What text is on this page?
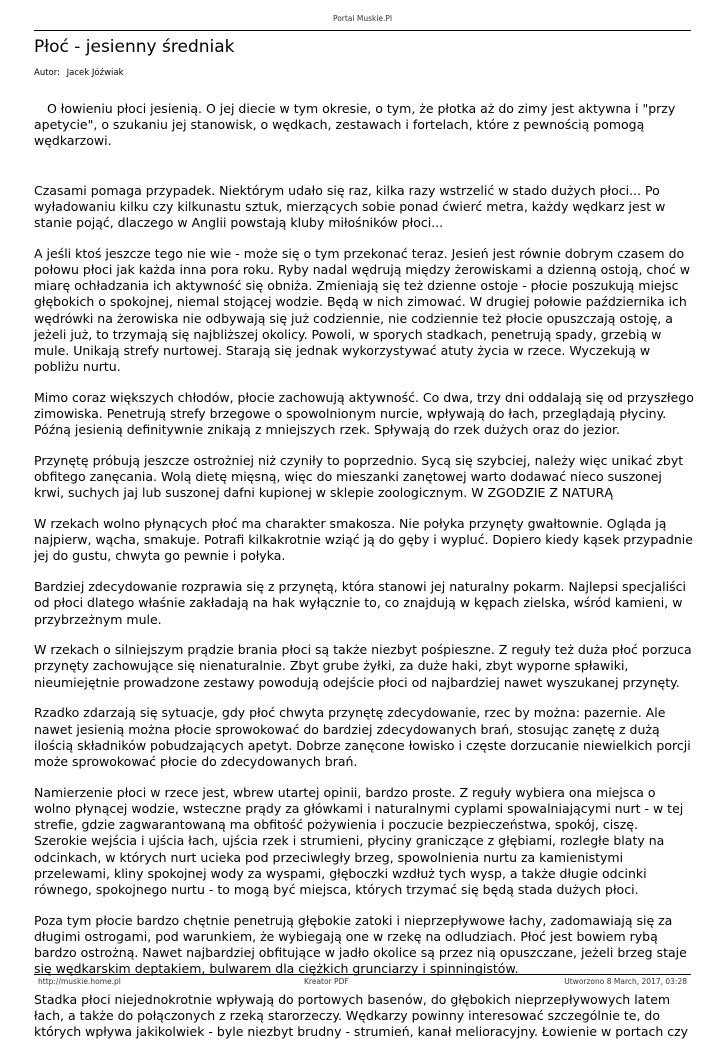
Portal Muskie.Pl
Płoć - jesienny średniak
Autor: Jacek Jóźwiak

O łowieniu płoci jesienią. O jej diecie w tym okresie, o tym, że płotka aż do zimy jest aktywna i "przy apetycie", o szukaniu jej stanowisk, o wędkach, zestawach i fortelach, które z pewnością pomogą wędkarzowi.

Czasami pomaga przypadek. Niektórym udało się raz, kilka razy wstrzelić w stado dużych płoci... Po wyładowaniu kilku czy kilkunastu sztuk, mierzących sobie ponad ćwierć metra, każdy wędkarz jest w stanie pojąć, dlaczego w Anglii powstają kluby miłośników płoci...

A jeśli ktoś jeszcze tego nie wie - może się o tym przekonać teraz. Jesień jest równie dobrym czasem do połowu płoci jak każda inna pora roku. Ryby nadal wędrują między żerowiskami a dzienną ostoją, choć w miarę ochładzania ich aktywność się obniża. Zmieniają się też dzienne ostoje - płocie poszukują miejsc głębokich o spokojnej, niemal stojącej wodzie. Będą w nich zimować. W drugiej połowie października ich wędrówki na żerowiska nie odbywają się już codziennie, nie codziennie też płocie opuszczają ostoję, a jeżeli już, to trzymają się najbliższej okolicy. Powoli, w sporych stadkach, penetrują spady, grzebią w mule. Unikają strefy nurtowej. Starają się jednak wykorzystywać atuty życia w rzece. Wyczekują w pobliżu nurtu.

Mimo coraz większych chłodów, płocie zachowują aktywność. Co dwa, trzy dni oddalają się od przyszłego zimowiska. Penetrują strefy brzegowe o spowolnionym nurcie, wpływają do łach, przeglądają płyciny. Późną jesienią definitywnie znikają z mniejszych rzek. Spływają do rzek dużych oraz do jezior.

Przynętę próbują jeszcze ostrożniej niż czyniły to poprzednio. Sycą się szybciej, należy więc unikać zbyt obfitego zanęcania. Wolą dietę mięsną, więc do mieszanki zanętowej warto dodawać nieco suszonej krwi, suchych jaj lub suszonej dafni kupionej w sklepie zoologicznym. W ZGODZIE Z NATURĄ

W rzekach wolno płynących płoć ma charakter smakosza. Nie połyka przynęty gwałtownie. Ogląda ją najpierw, wącha, smakuje. Potrafi kilkakrotnie wziąć ją do gęby i wypluć. Dopiero kiedy kąsek przypadnie jej do gustu, chwyta go pewnie i połyka.

Bardziej zdecydowanie rozprawia się z przynętą, która stanowi jej naturalny pokarm. Najlepsi specjaliści od płoci dlatego właśnie zakładają na hak wyłącznie to, co znajdują w kępach zielska, wśród kamieni, w przybrzeżnym mule.

W rzekach o silniejszym prądzie brania płoci są także niezbyt pośpieszne. Z reguły też duża płoć porzuca przynęty zachowujące się nienaturalnie. Zbyt grube żyłki, za duże haki, zbyt wyporne spławiki, nieumiejętnie prowadzone zestawy powodują odejście płoci od najbardziej nawet wyszukanej przynęty.

Rzadko zdarzają się sytuacje, gdy płoć chwyta przynętę zdecydowanie, rzec by można: pazernie. Ale nawet jesienią można płocie sprowokować do bardziej zdecydowanych brań, stosując zanętę z dużą ilością składników pobudzających apetyt. Dobrze zanęcone łowisko i częste dorzucanie niewielkich porcji może sprowokować płocie do zdecydowanych brań.

Namierzenie płoci w rzece jest, wbrew utartej opinii, bardzo proste. Z reguły wybiera ona miejsca o wolno płynącej wodzie, wsteczne prądy za główkami i naturalnymi cyplami spowalniającymi nurt - w tej strefie, gdzie zagwarantowaną ma obfitość pożywienia i poczucie bezpieczeństwa, spokój, ciszę. Szerokie wejścia i ujścia łach, ujścia rzek i strumieni, płyciny graniczące z głębiami, rozległe blaty na odcinkach, w których nurt ucieka pod przeciwległy brzeg, spowolnienia nurtu za kamienistymi przelewami, kliny spokojnej wody za wyspami, głęboczki wzdłuż tych wysp, a także długie odcinki równego, spokojnego nurtu - to mogą być miejsca, których trzymać się będą stada dużych płoci.

Poza tym płocie bardzo chętnie penetrują głębokie zatoki i nieprzepływowe łachy, zadomawiają się za długimi ostrogami, pod warunkiem, że wybiegają one w rzekę na odludziach. Płoć jest bowiem rybą bardzo ostrożną. Nawet najbardziej obfitujące w jadło okolice są przez nią opuszczane, jeżeli brzeg staje się wędkarskim deptakiem, bulwarem dla ciężkich grunciarzy i spinningistów.

Stadka płoci niejednokrotnie wpływają do portowych basenów, do głębokich nieprzepływowych latem łach, a także do połączonych z rzeką starorzeczy. Wędkarzy powinny interesować szczególnie te, do których wpływa jakikolwiek - byle niezbyt brudny - strumień, kanał melioracyjny. Łowienie w portach czy

http://muskie.home.pl	Kreator PDF	Utworzono 8 March, 2017, 03:28
